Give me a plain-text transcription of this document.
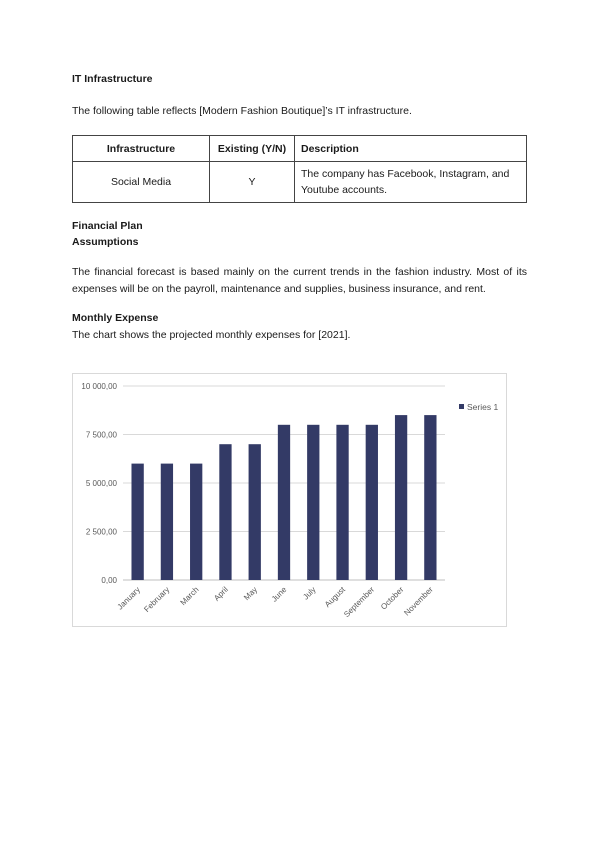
IT Infrastructure
The following table reflects [Modern Fashion Boutique]’s IT infrastructure.
Infrastructure	Existing (Y/N)	Description
Social Media	Y	The company has Facebook, Instagram, and Youtube accounts.
Financial Plan
Assumptions
The financial forecast is based mainly on the current trends in the fashion industry. Most of its expenses will be on the payroll, maintenance and supplies, business insurance, and rent.
Monthly Expense
The chart shows the projected monthly expenses for [2021].
0,00
2 500,00
5 000,00
7 500,00
10 000,00
January February March April May June July August
September October
November
Series 1
